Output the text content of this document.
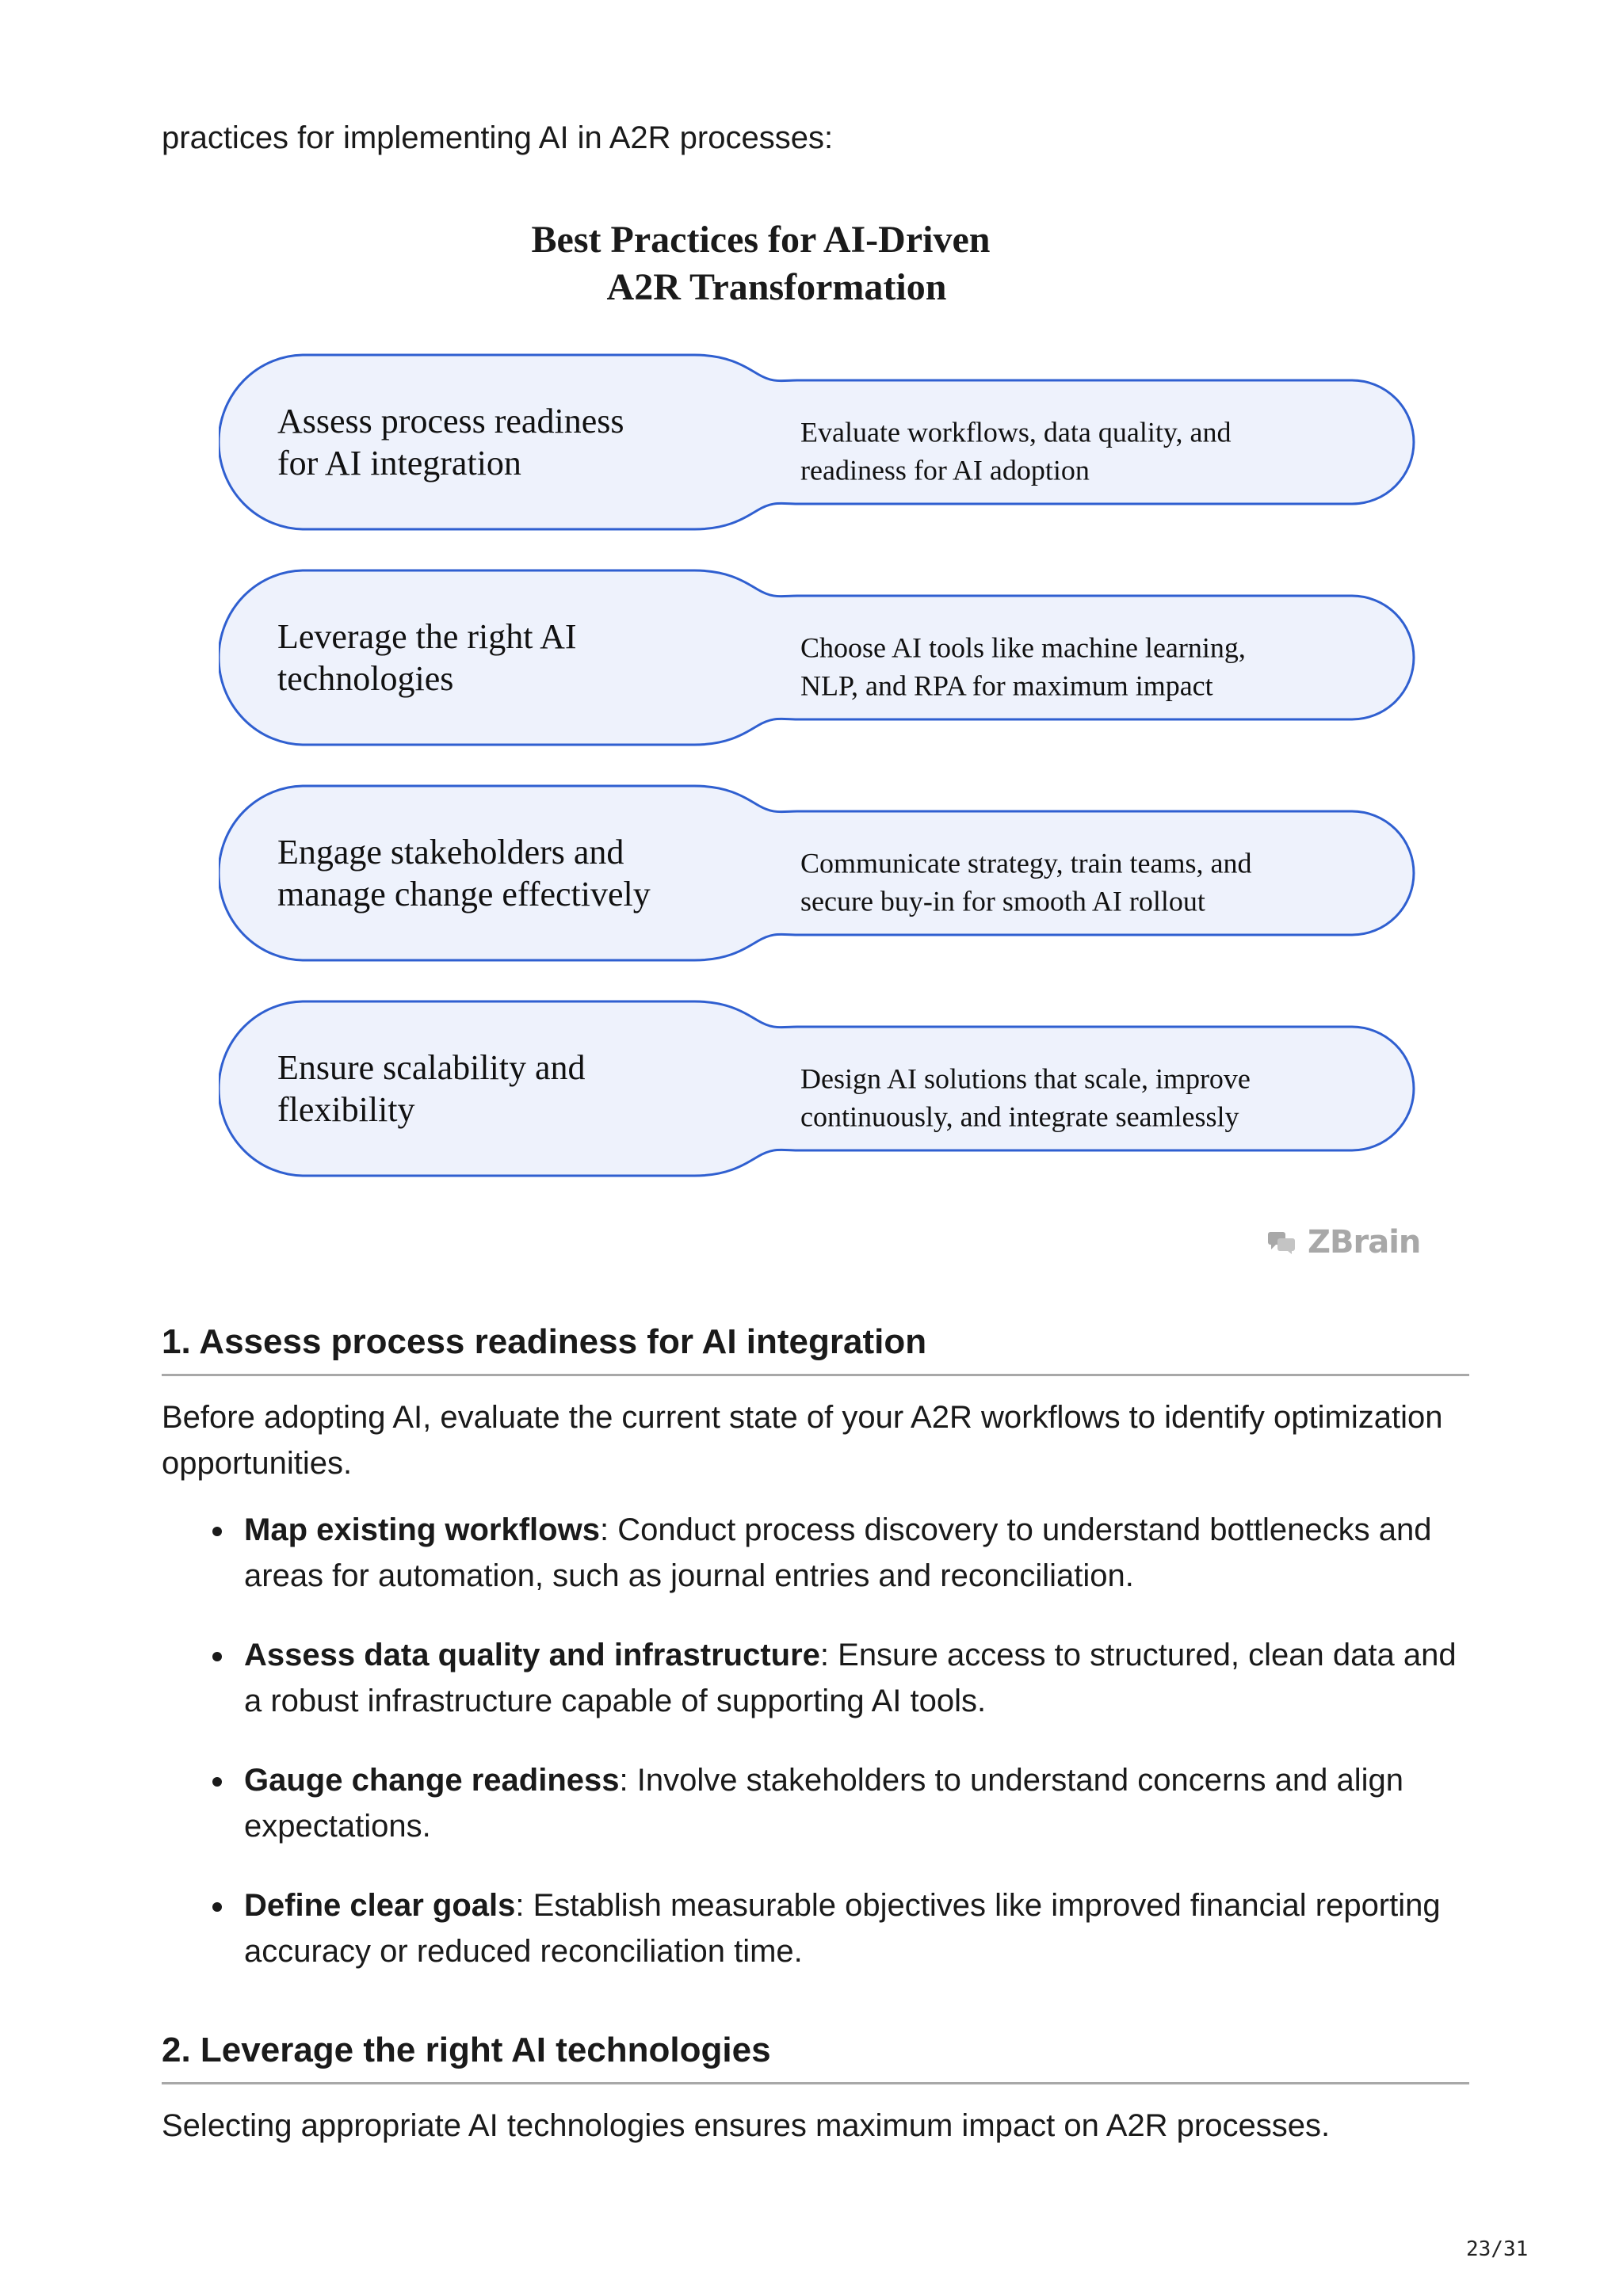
practices for implementing AI in A2R processes:

Best Practices for AI-Driven
A2R Transformation
Assess process readiness
for AI integration
Evaluate workflows, data quality, and
readiness for AI adoption
Leverage the right AI
technologies
Choose AI tools like machine learning,
NLP, and RPA for maximum impact
Engage stakeholders and
manage change effectively
Communicate strategy, train teams, and
secure buy-in for smooth AI rollout
Ensure scalability and
flexibility
Design AI solutions that scale, improve
continuously, and integrate seamlessly
ZBrain
1. Assess process readiness for AI integration

Before adopting AI, evaluate the current state of your A2R workflows to identify optimization opportunities.

Map existing workflows: Conduct process discovery to understand bottlenecks and areas for automation, such as journal entries and reconciliation.
Assess data quality and infrastructure: Ensure access to structured, clean data and a robust infrastructure capable of supporting AI tools.
Gauge change readiness: Involve stakeholders to understand concerns and align expectations.
Define clear goals: Establish measurable objectives like improved financial reporting accuracy or reduced reconciliation time.
2. Leverage the right AI technologies

Selecting appropriate AI technologies ensures maximum impact on A2R processes.

23/31
